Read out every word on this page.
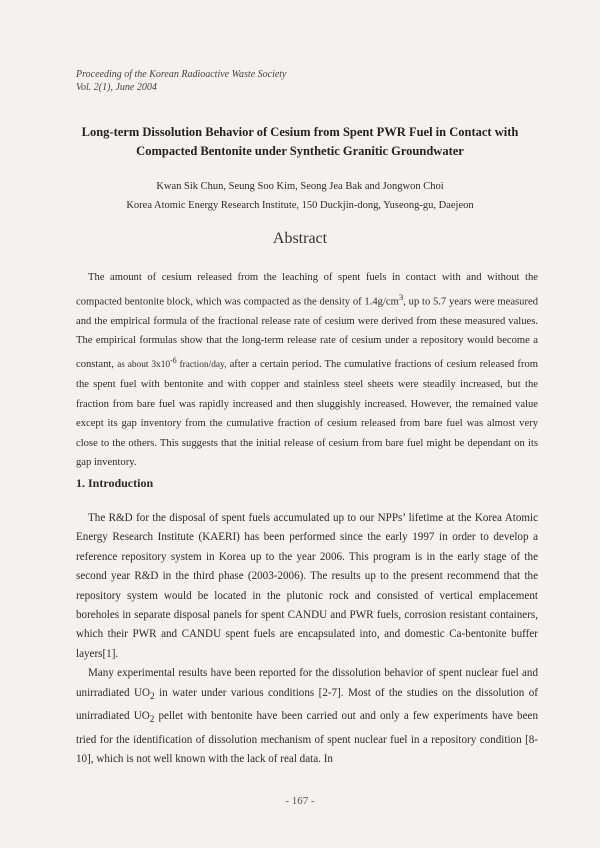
Proceeding of the Korean Radioactive Waste Society
Vol. 2(1), June 2004
Long-term Dissolution Behavior of Cesium from Spent PWR Fuel in Contact with
Compacted Bentonite under Synthetic Granitic Groundwater
Kwan Sik Chun, Seung Soo Kim, Seong Jea Bak and Jongwon Choi
Korea Atomic Energy Research Institute, 150 Duckjin-dong, Yuseong-gu, Daejeon
Abstract
The amount of cesium released from the leaching of spent fuels in contact with and without the compacted bentonite block, which was compacted as the density of $1.4g/cm^3$, up to 5.7 years were measured and the empirical formula of the fractional release rate of cesium were derived from these measured values. The empirical formulas show that the long-term release rate of cesium under a repository would become a constant, as about $3x10^{-6}$ fraction/day, after a certain period. The cumulative fractions of cesium released from the spent fuel with bentonite and with copper and stainless steel sheets were steadily increased, but the fraction from bare fuel was rapidly increased and then sluggishly increased. However, the remained value except its gap inventory from the cumulative fraction of cesium released from bare fuel was almost very close to the others. This suggests that the initial release of cesium from bare fuel might be dependant on its gap inventory.
1. Introduction

The R&D for the disposal of spent fuels accumulated up to our NPPs’ lifetime at the Korea Atomic Energy Research Institute (KAERI) has been performed since the early 1997 in order to develop a reference repository system in Korea up to the year 2006. This program is in the early stage of the second year R&D in the third phase (2003-2006). The results up to the present recommend that the repository system would be located in the plutonic rock and consisted of vertical emplacement boreholes in separate disposal panels for spent CANDU and PWR fuels, corrosion resistant containers, which their PWR and CANDU spent fuels are encapsulated into, and domestic Ca-bentonite buffer layers[1].

Many experimental results have been reported for the dissolution behavior of spent nuclear fuel and unirradiated $UO_2$ in water under various conditions [2-7]. Most of the studies on the dissolution of unirradiated $UO_2$ pellet with bentonite have been carried out and only a few experiments have been tried for the identification of dissolution mechanism of spent nuclear fuel in a repository condition [8-10], which is not well known with the lack of real data. In

- 167 -
